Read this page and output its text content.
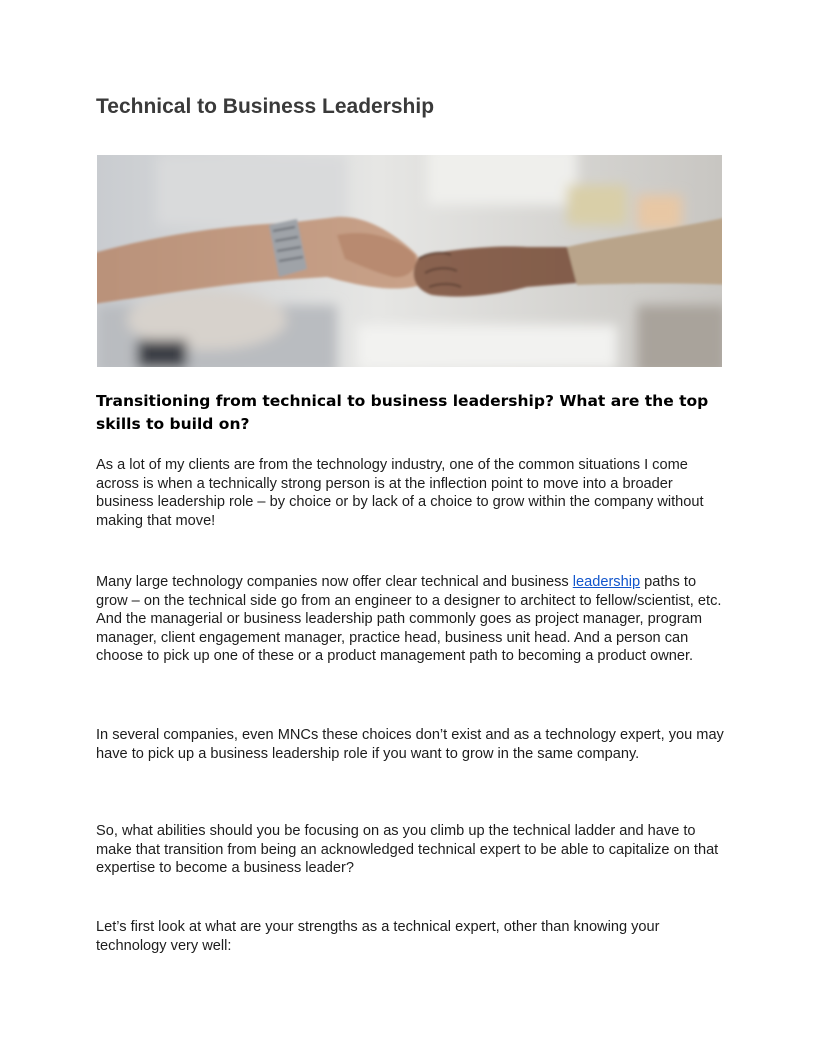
Technical to Business Leadership
Transitioning from technical to business leadership? What are the top skills to build on?

As a lot of my clients are from the technology industry, one of the common situations I come across is when a technically strong person is at the inflection point to move into a broader business leadership role – by choice or by lack of a choice to grow within the company without making that move!

Many large technology companies now offer clear technical and business leadership paths to grow – on the technical side go from an engineer to a designer to architect to fellow/scientist, etc. And the managerial or business leadership path commonly goes as project manager, program manager, client engagement manager, practice head, business unit head. And a person can choose to pick up one of these or a product management path to becoming a product owner.

In several companies, even MNCs these choices don’t exist and as a technology expert, you may have to pick up a business leadership role if you want to grow in the same company.

So, what abilities should you be focusing on as you climb up the technical ladder and have to make that transition from being an acknowledged technical expert to be able to capitalize on that expertise to become a business leader?

Let’s first look at what are your strengths as a technical expert, other than knowing your technology very well:
